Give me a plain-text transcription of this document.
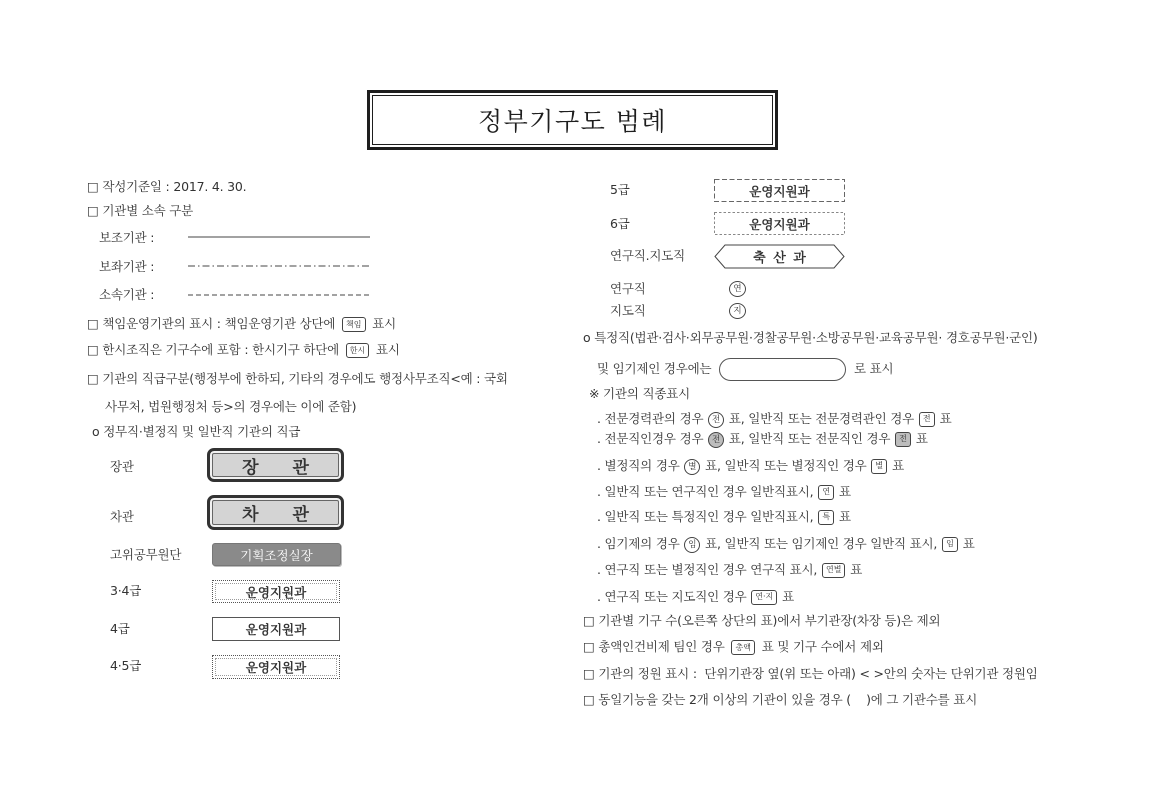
정부기구도 범례
□ 작성기준일 : 2017. 4. 30.
□ 기관별 소속 구분
보조기관 :
보좌기관 :
소속기관 :
□ 책임운영기관의 표시 : 책임운영기관 상단에 책임 표시
□ 한시조직은 기구수에 포함 : 한시기구 하단에 한시 표시
□ 기관의 직급구분(행정부에 한하되, 기타의 경우에도 행정사무조직<예 : 국회
사무처, 법원행정처 등>의 경우에는 이에 준함)
o 정무직·별정직 및 일반직 기관의 직급
장관	장 관
차관	차 관
고위공무원단	기획조정실장
3·4급	운영지원과
4급	운영지원과
4·5급	운영지원과
5급	운영지원과
6급	운영지원과
연구직.지도직	축 산 과
연구직	연
지도직	지
o 특정직(법관·검사·외무공무원·경찰공무원·소방공무원·교육공무원· 경호공무원·군인)
및 임기제인 경우에는	로 표시
※ 기관의 직종표시
. 전문경력관의 경우 전 표, 일반직 또는 전문경력관인 경우 전 표
. 전문직인경우 경우 전 표, 일반직 또는 전문직인 경우 전 표
. 별정직의 경우 별 표, 일반직 또는 별정직인 경우 별 표
. 일반직 또는 연구직인 경우 일반직표시, 연 표
. 일반직 또는 특정직인 경우 일반직표시, 특 표
. 임기제의 경우 임 표, 일반직 또는 임기제인 경우 일반직 표시, 임 표
. 연구직 또는 별정직인 경우 연구직 표시, 연별 표
. 연구직 또는 지도직인 경우 연·지 표
□ 기관별 기구 수(오른쪽 상단의 표)에서 부기관장(차장 등)은 제외
□ 총액인건비제 팀인 경우 총액 표 및 기구 수에서 제외
□ 기관의 정원 표시 :  단위기관장 옆(위 또는 아래) < >안의 숫자는 단위기관 정원임
□ 동일기능을 갖는 2개 이상의 기관이 있을 경우 (    )에 그 기관수를 표시
